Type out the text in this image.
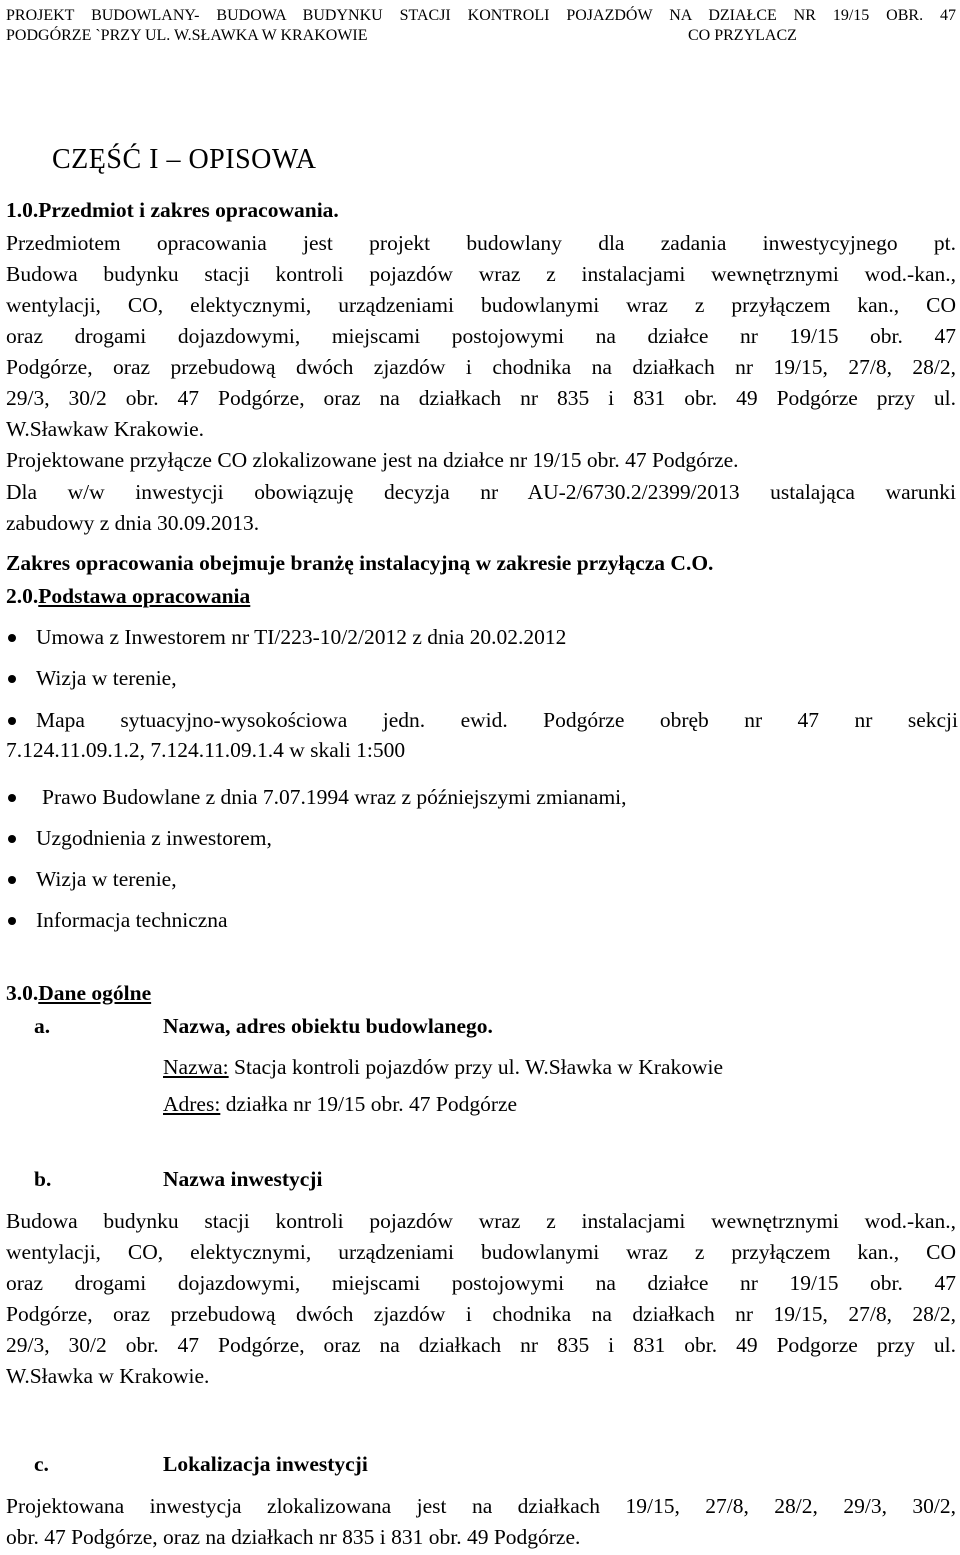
PROJEKT BUDOWLANY- BUDOWA BUDYNKU STACJI KONTROLI POJAZDÓW NA DZIAŁCE NR 19/15 OBR. 47
PODGÓRZE `PRZY UL. W.SŁAWKA W KRAKOWIE	CO PRZYLACZ
CZĘŚĆ I – OPISOWA
1.0.Przedmiot i zakres opracowania.
Przedmiotem opracowania jest projekt budowlany dla zadania inwestycyjnego pt.
Budowa budynku stacji kontroli pojazdów wraz z instalacjami wewnętrznymi wod.-kan.,
wentylacji, CO, elektycznymi, urządzeniami budowlanymi wraz z przyłączem kan., CO
oraz drogami dojazdowymi, miejscami postojowymi na działce nr 19/15 obr. 47
Podgórze, oraz przebudową dwóch zjazdów i chodnika na działkach nr 19/15, 27/8, 28/2,
29/3, 30/2 obr. 47 Podgórze, oraz na działkach nr 835 i 831 obr. 49 Podgórze przy ul.
W.Sławkaw Krakowie.
Projektowane przyłącze CO zlokalizowane jest na działce nr 19/15 obr. 47 Podgórze.
Dla w/w inwestycji obowiązuję decyzja nr AU-2/6730.2/2399/2013 ustalająca warunki
zabudowy z dnia 30.09.2013.
Zakres opracowania obejmuje branżę instalacyjną w zakresie przyłącza C.O.
2.0.Podstawa opracowania
Umowa z Inwestorem nr TI/223-10/2/2012 z dnia 20.02.2012
Wizja w terenie,
Mapa sytuacyjno-wysokościowa jedn. ewid. Podgórze obręb nr 47 nr sekcji
7.124.11.09.1.2, 7.124.11.09.1.4 w skali 1:500
Prawo Budowlane z dnia 7.07.1994 wraz z późniejszymi zmianami,
Uzgodnienia z inwestorem,
Wizja w terenie,
Informacja techniczna
3.0.Dane ogólne
a.	Nazwa, adres obiektu budowlanego.
Nazwa: Stacja kontroli pojazdów przy ul. W.Sławka w Krakowie
Adres: działka nr 19/15 obr. 47 Podgórze
b.	Nazwa inwestycji
Budowa budynku stacji kontroli pojazdów wraz z instalacjami wewnętrznymi wod.-kan.,
wentylacji, CO, elektycznymi, urządzeniami budowlanymi wraz z przyłączem kan., CO
oraz drogami dojazdowymi, miejscami postojowymi na działce nr 19/15 obr. 47
Podgórze, oraz przebudową dwóch zjazdów i chodnika na działkach nr 19/15, 27/8, 28/2,
29/3, 30/2 obr. 47 Podgórze, oraz na działkach nr 835 i 831 obr. 49 Podgorze przy ul.
W.Sławka w Krakowie.
c.	Lokalizacja inwestycji
Projektowana inwestycja zlokalizowana jest na działkach 19/15, 27/8, 28/2, 29/3, 30/2,
obr. 47 Podgórze, oraz na działkach nr 835 i 831 obr. 49 Podgórze.
